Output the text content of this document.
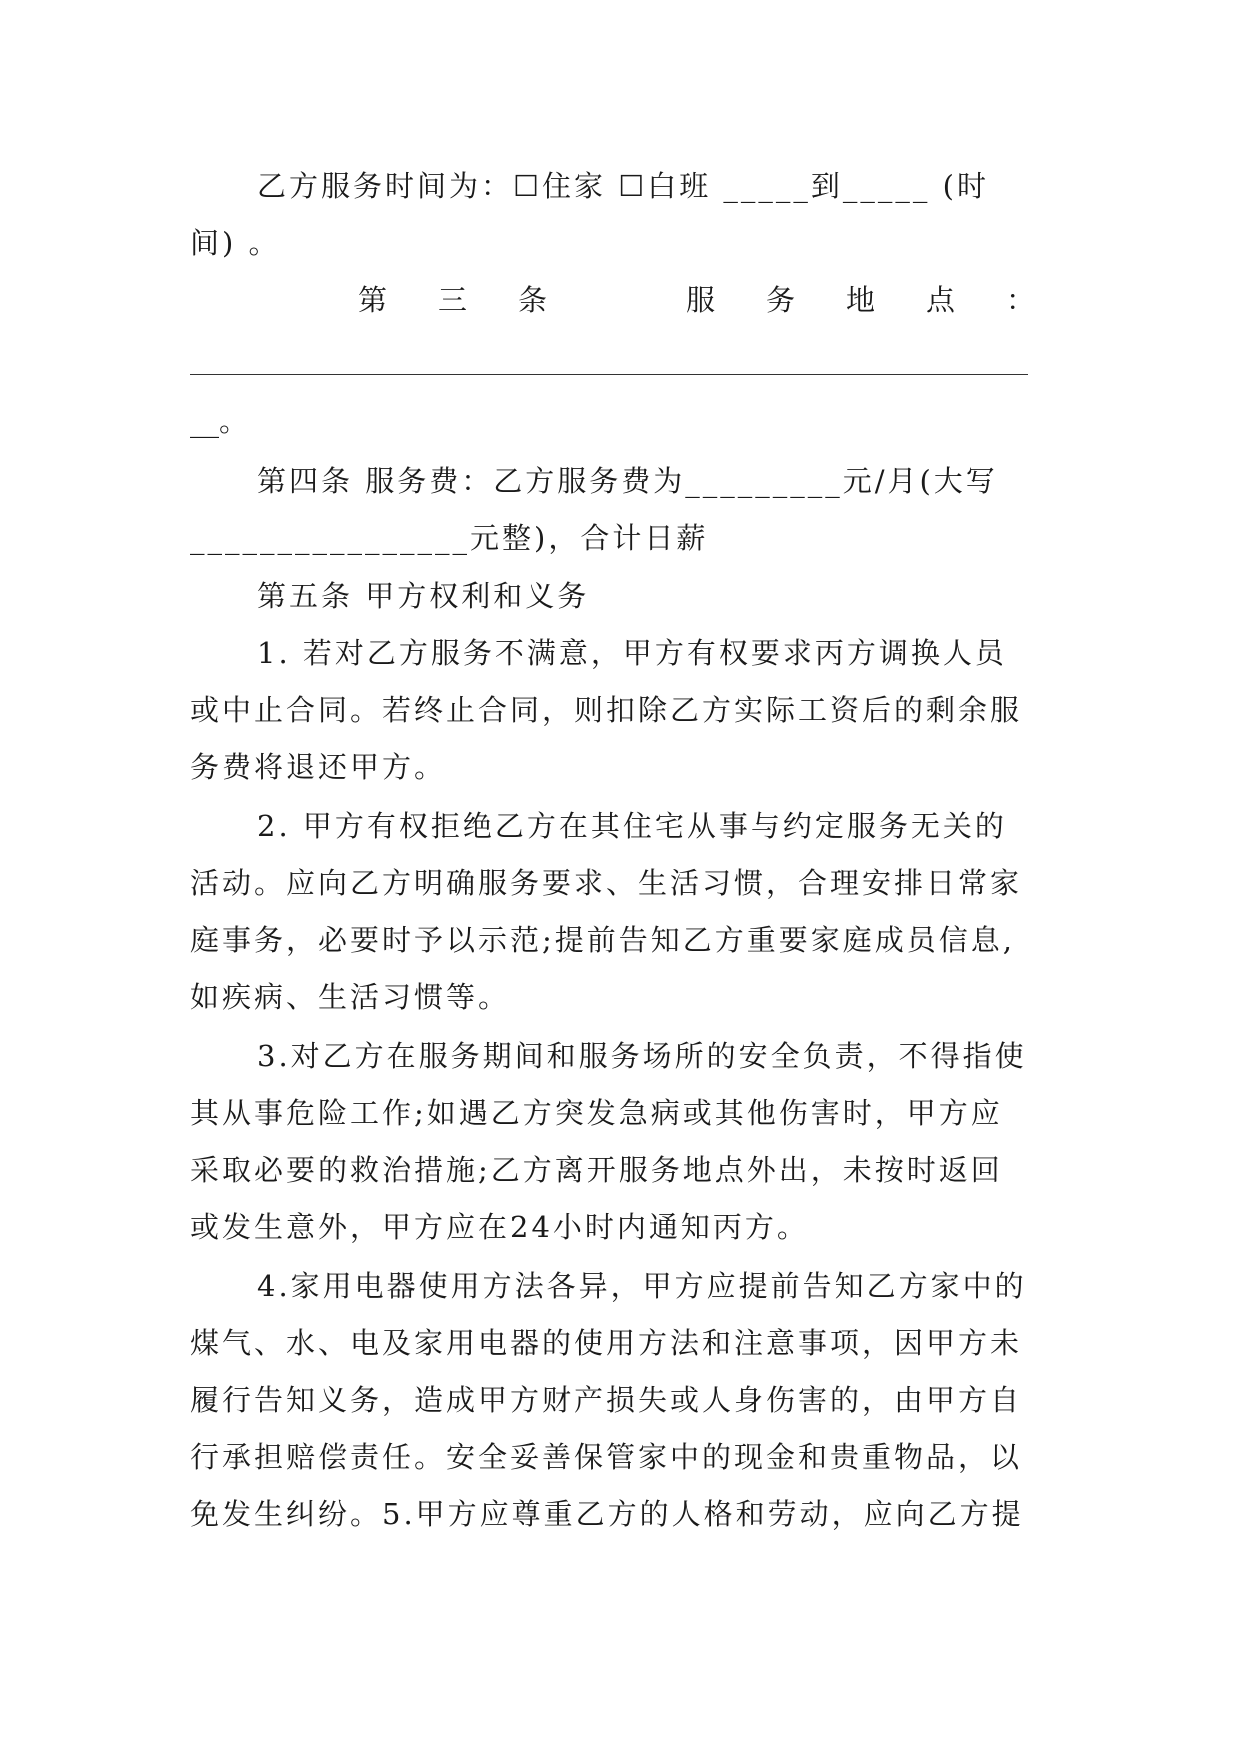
乙方服务时间为：☐住家 ☐白班 _____到_____ (时
间) 。
第 三 条	服 务 地 点 ：
__。
第四条 服务费：乙方服务费为_________元/月(大写
________________元整)，合计日薪
第五条 甲方权利和义务
1. 若对乙方服务不满意，甲方有权要求丙方调换人员
或中止合同。若终止合同，则扣除乙方实际工资后的剩余服
务费将退还甲方。
2. 甲方有权拒绝乙方在其住宅从事与约定服务无关的
活动。应向乙方明确服务要求、生活习惯，合理安排日常家
庭事务，必要时予以示范;提前告知乙方重要家庭成员信息,
如疾病、生活习惯等。
3.对乙方在服务期间和服务场所的安全负责，不得指使
其从事危险工作;如遇乙方突发急病或其他伤害时，甲方应
采取必要的救治措施;乙方离开服务地点外出，未按时返回
或发生意外，甲方应在24小时内通知丙方。
4.家用电器使用方法各异，甲方应提前告知乙方家中的
煤气、水、电及家用电器的使用方法和注意事项，因甲方未
履行告知义务，造成甲方财产损失或人身伤害的，由甲方自
行承担赔偿责任。安全妥善保管家中的现金和贵重物品，以
免发生纠纷。5.甲方应尊重乙方的人格和劳动，应向乙方提
